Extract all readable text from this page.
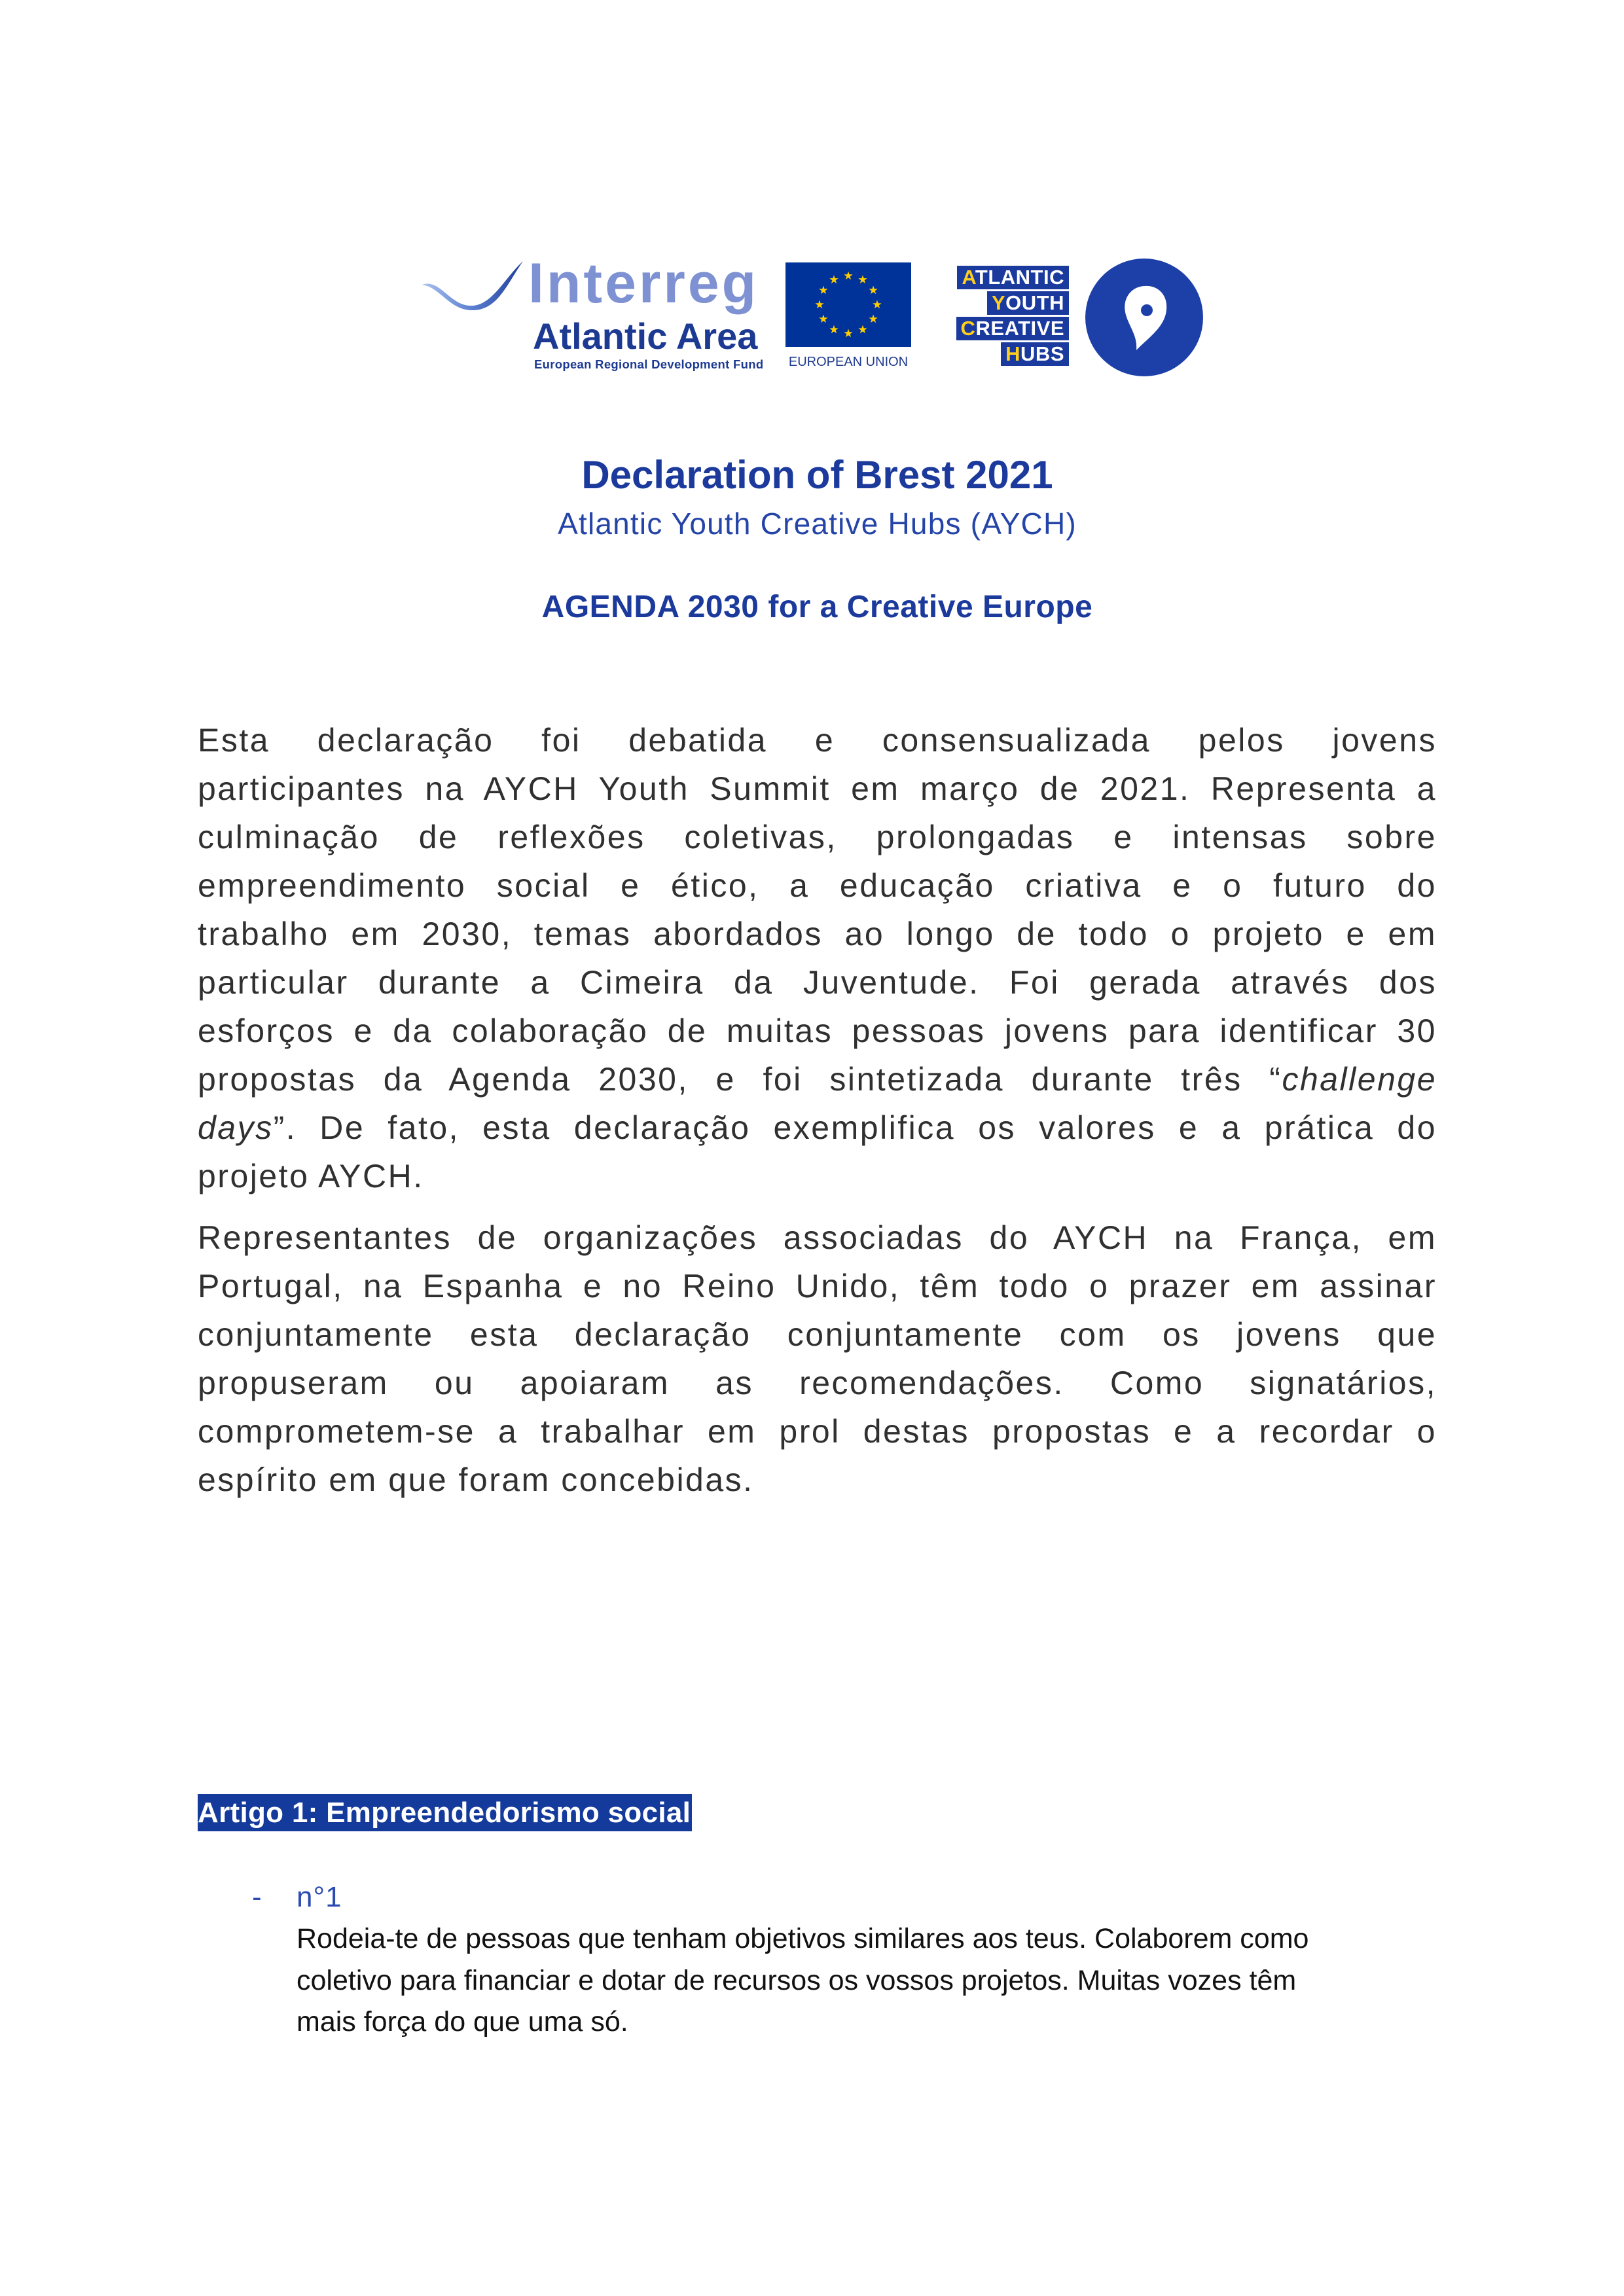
Interreg
Atlantic Area
European Regional Development Fund EUROPEAN UNION
ATLANTIC
YOUTH
CREATIVE
HUBS
Declaration of Brest 2021
Atlantic Youth Creative Hubs (AYCH)
AGENDA 2030 for a Creative Europe
Esta declaração foi debatida e consensualizada pelos jovens
participantes na AYCH Youth Summit em março de 2021. Representa a
culminação de reflexões coletivas, prolongadas e intensas sobre
empreendimento social e ético, a educação criativa e o futuro do
trabalho em 2030, temas abordados ao longo de todo o projeto e em
particular durante a Cimeira da Juventude. Foi gerada através dos
esforços e da colaboração de muitas pessoas jovens para identificar 30
propostas da Agenda 2030, e foi sintetizada durante três “challenge
days”. De fato, esta declaração exemplifica os valores e a prática do
projeto AYCH.
Representantes de organizações associadas do AYCH na França, em
Portugal, na Espanha e no Reino Unido, têm todo o prazer em assinar
conjuntamente esta declaração conjuntamente com os jovens que
propuseram ou apoiaram as recomendações. Como signatários,
comprometem-se a trabalhar em prol destas propostas e a recordar o
espírito em que foram concebidas.
Artigo 1: Empreendedorismo social
- n°1
Rodeia-te de pessoas que tenham objetivos similares aos teus. Colaborem como
coletivo para financiar e dotar de recursos os vossos projetos. Muitas vozes têm
mais força do que uma só.
